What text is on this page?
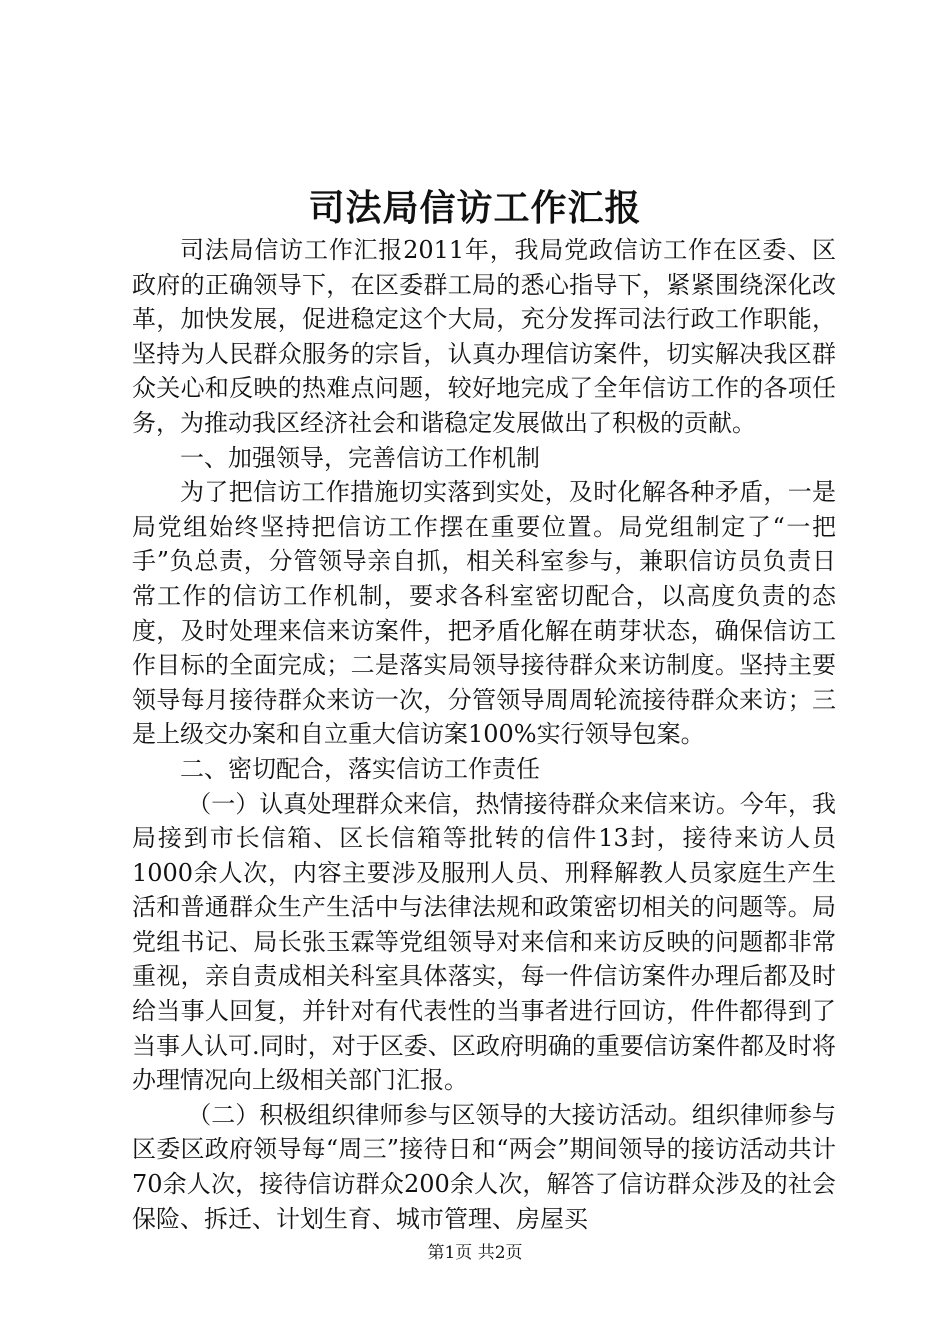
司法局信访工作汇报

司法局信访工作汇报2011年，我局党政信访工作在区委、区政府的正确领导下，在区委群工局的悉心指导下，紧紧围绕深化改革，加快发展，促进稳定这个大局，充分发挥司法行政工作职能，坚持为人民群众服务的宗旨，认真办理信访案件，切实解决我区群众关心和反映的热难点问题，较好地完成了全年信访工作的各项任务，为推动我区经济社会和谐稳定发展做出了积极的贡献。

一、加强领导，完善信访工作机制

为了把信访工作措施切实落到实处，及时化解各种矛盾，一是局党组始终坚持把信访工作摆在重要位置。局党组制定了“一把手”负总责，分管领导亲自抓，相关科室参与，兼职信访员负责日常工作的信访工作机制，要求各科室密切配合，以高度负责的态度，及时处理来信来访案件，把矛盾化解在萌芽状态，确保信访工作目标的全面完成；二是落实局领导接待群众来访制度。坚持主要领导每月接待群众来访一次，分管领导周周轮流接待群众来访；三是上级交办案和自立重大信访案100%实行领导包案。

二、密切配合，落实信访工作责任

（一）认真处理群众来信，热情接待群众来信来访。今年，我局接到市长信箱、区长信箱等批转的信件13封，接待来访人员1000余人次，内容主要涉及服刑人员、刑释解教人员家庭生产生活和普通群众生产生活中与法律法规和政策密切相关的问题等。局党组书记、局长张玉霖等党组领导对来信和来访反映的问题都非常重视，亲自责成相关科室具体落实，每一件信访案件办理后都及时给当事人回复，并针对有代表性的当事者进行回访，件件都得到了当事人认可.同时，对于区委、区政府明确的重要信访案件都及时将办理情况向上级相关部门汇报。

（二）积极组织律师参与区领导的大接访活动。组织律师参与区委区政府领导每“周三”接待日和“两会”期间领导的接访活动共计70余人次，接待信访群众200余人次，解答了信访群众涉及的社会保险、拆迁、计划生育、城市管理、房屋买

第1页 共2页
